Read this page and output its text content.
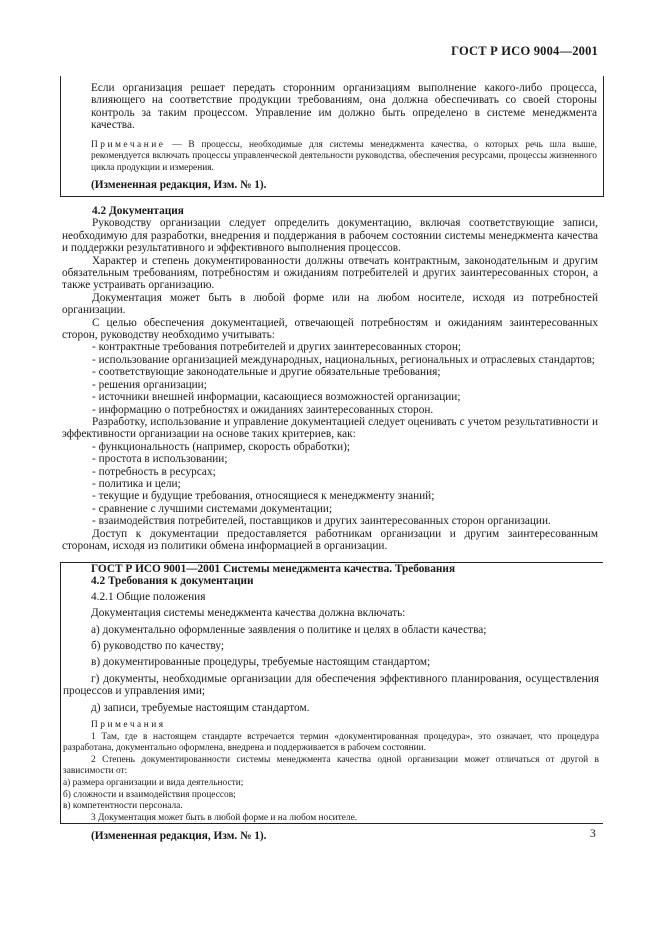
ГОСТ Р ИСО 9004—2001

Если организация решает передать сторонним организациям выполнение какого-либо процесса, влияющего на соответствие продукции требованиям, она должна обеспечивать со своей стороны контроль за таким процессом. Управление им должно быть определено в системе менеджмента качества.

Примечание — В процессы, необходимые для системы менеджмента качества, о которых речь шла выше, рекомендуется включать процессы управленческой деятельности руководства, обеспечения ресурсами, процессы жизненного цикла продукции и измерения.

(Измененная редакция, Изм. № 1).

4.2 Документация

Руководству организации следует определить документацию, включая соответствующие записи, необходимую для разработки, внедрения и поддержания в рабочем состоянии системы менеджмента качества и поддержки результативного и эффективного выполнения процессов.

Характер и степень документированности должны отвечать контрактным, законодательным и другим обязательным требованиям, потребностям и ожиданиям потребителей и других заинтересованных сторон, а также устраивать организацию.

Документация может быть в любой форме или на любом носителе, исходя из потребностей организации.

С целью обеспечения документацией, отвечающей потребностям и ожиданиям заинтересованных сторон, руководству необходимо учитывать:

- контрактные требования потребителей и других заинтересованных сторон;

- использование организацией международных, национальных, региональных и отраслевых стандартов;

- соответствующие законодательные и другие обязательные требования;

- решения организации;

- источники внешней информации, касающиеся возможностей организации;

- информацию о потребностях и ожиданиях заинтересованных сторон.

Разработку, использование и управление документацией следует оценивать с учетом результативности и эффективности организации на основе таких критериев, как:

- функциональность (например, скорость обработки);

- простота в использовании;

- потребность в ресурсах;

- политика и цели;

- текущие и будущие требования, относящиеся к менеджменту знаний;

- сравнение с лучшими системами документации;

- взаимодействия потребителей, поставщиков и других заинтересованных сторон организации.

Доступ к документации предоставляется работникам организации и другим заинтересованным сторонам, исходя из политики обмена информацией в организации.

ГОСТ Р ИСО 9001—2001 Системы менеджмента качества. Требования

4.2 Требования к документации

4.2.1 Общие положения

Документация системы менеджмента качества должна включать:

а) документально оформленные заявления о политике и целях в области качества;

б) руководство по качеству;

в) документированные процедуры, требуемые настоящим стандартом;

г) документы, необходимые организации для обеспечения эффективного планирования, осуществления процессов и управления ими;

д) записи, требуемые настоящим стандартом.

Примечания

1 Там, где в настоящем стандарте встречается термин «документированная процедура», это означает, что процедура разработана, документально оформлена, внедрена и поддерживается в рабочем состоянии.

2 Степень документированности системы менеджмента качества одной организации может отличаться от другой в зависимости от:

а) размера организации и вида деятельности;

б) сложности и взаимодействия процессов;

в) компетентности персонала.

3 Документация может быть в любой форме и на любом носителе.

(Измененная редакция, Изм. № 1).	3
